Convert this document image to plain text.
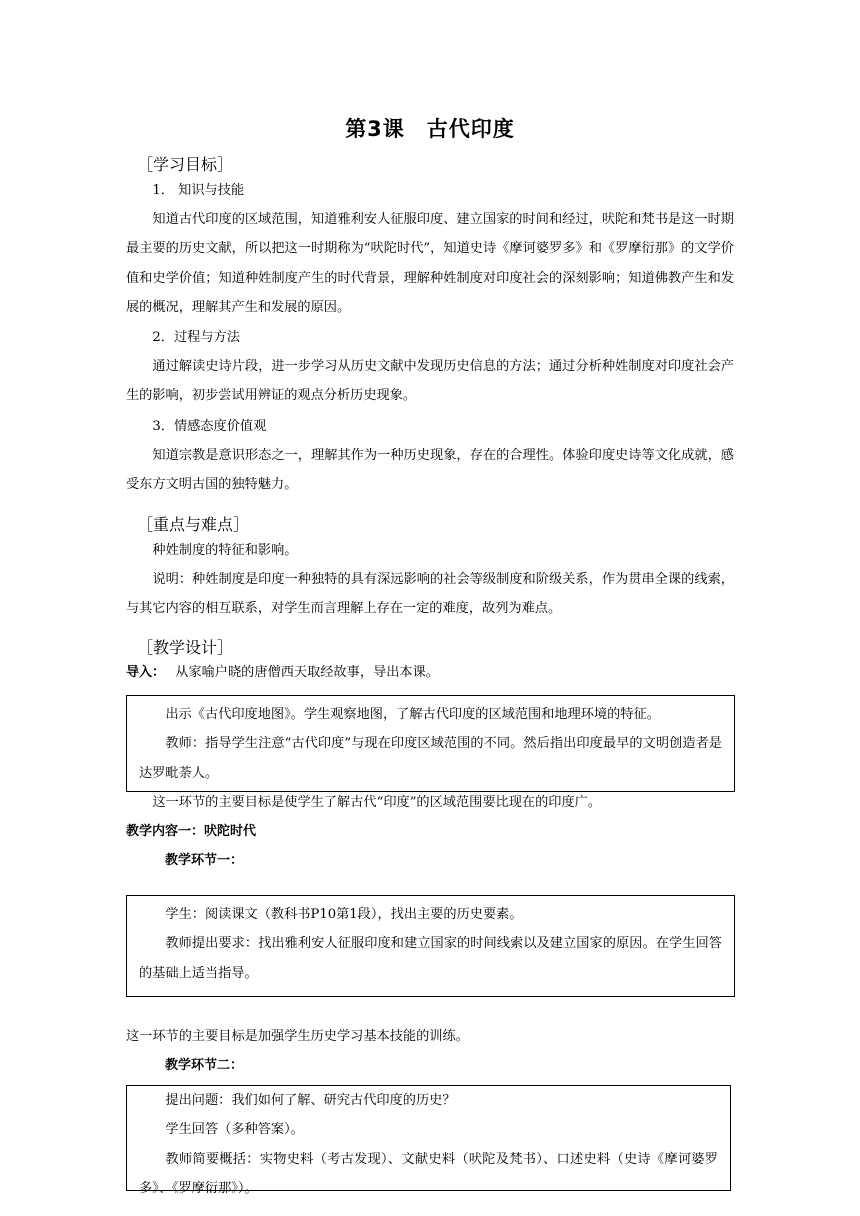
第3课　古代印度
［学习目标］

1． 知识与技能

知道古代印度的区域范围，知道雅利安人征服印度、建立国家的时间和经过，吠陀和梵书是这一时期最主要的历史文献，所以把这一时期称为“吠陀时代”，知道史诗《摩诃婆罗多》和《罗摩衍那》的文学价值和史学价值；知道种姓制度产生的时代背景，理解种姓制度对印度社会的深刻影响；知道佛教产生和发展的概况，理解其产生和发展的原因。

2．过程与方法

通过解读史诗片段，进一步学习从历史文献中发现历史信息的方法；通过分析种姓制度对印度社会产生的影响，初步尝试用辨证的观点分析历史现象。

3．情感态度价值观

知道宗教是意识形态之一，理解其作为一种历史现象，存在的合理性。体验印度史诗等文化成就，感受东方文明古国的独特魅力。

［重点与难点］

种姓制度的特征和影响。

说明：种姓制度是印度一种独特的具有深远影响的社会等级制度和阶级关系，作为贯串全课的线索，与其它内容的相互联系，对学生而言理解上存在一定的难度，故列为难点。

［教学设计］

导入： 从家喻户晓的唐僧西天取经故事，导出本课。

出示《古代印度地图》。学生观察地图，了解古代印度的区域范围和地理环境的特征。

教师：指导学生注意“古代印度”与现在印度区域范围的不同。然后指出印度最早的文明创造者是达罗毗荼人。

这一环节的主要目标是使学生了解古代“印度”的区域范围要比现在的印度广。

教学内容一：吠陀时代

教学环节一：

学生：阅读课文（教科书P10第1段），找出主要的历史要素。

教师提出要求：找出雅利安人征服印度和建立国家的时间线索以及建立国家的原因。在学生回答的基础上适当指导。

这一环节的主要目标是加强学生历史学习基本技能的训练。

教学环节二：

提出问题：我们如何了解、研究古代印度的历史？

学生回答（多种答案）。

教师简要概括：实物史料（考古发现）、文献史料（吠陀及梵书）、口述史料（史诗《摩诃婆罗多》、《罗摩衍那》）。
